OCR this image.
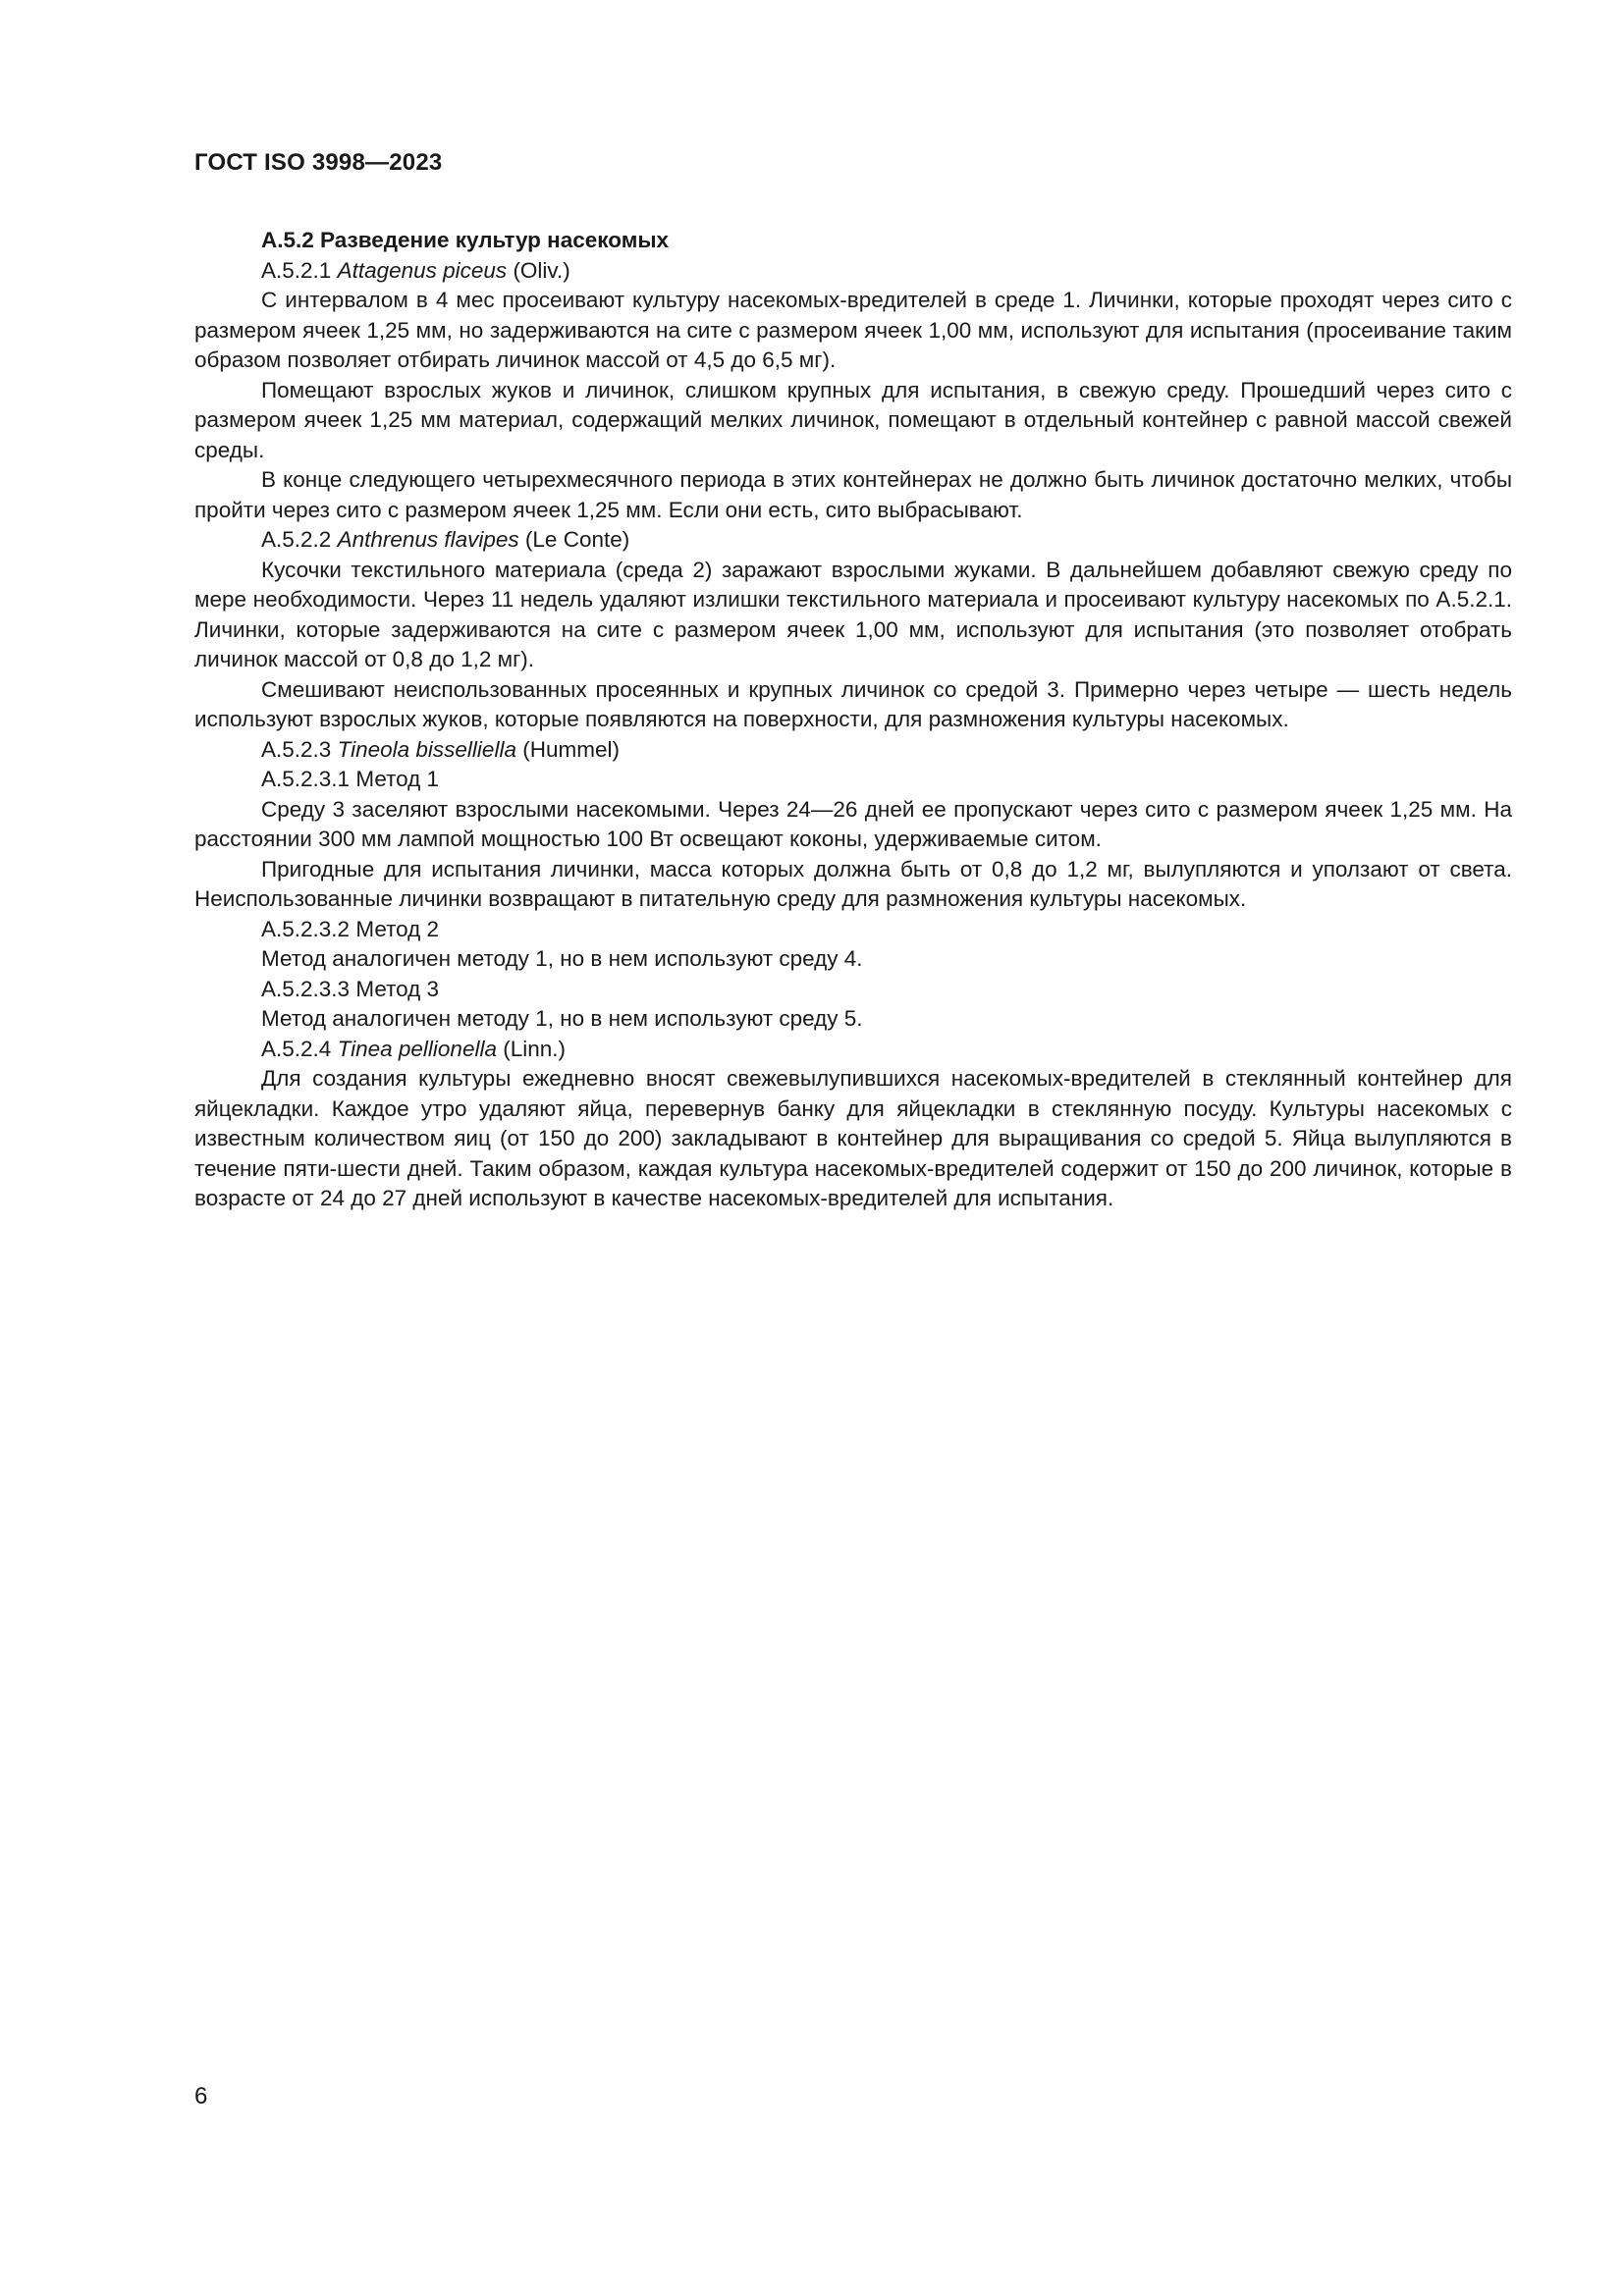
ГОСТ ISO 3998—2023

А.5.2 Разведение культур насекомых

А.5.2.1 Attagenus piceus (Oliv.)

С интервалом в 4 мес просеивают культуру насекомых-вредителей в среде 1. Личинки, которые проходят через сито с размером ячеек 1,25 мм, но задерживаются на сите с размером ячеек 1,00 мм, используют для испытания (просеивание таким образом позволяет отбирать личинок массой от 4,5 до 6,5 мг).

Помещают взрослых жуков и личинок, слишком крупных для испытания, в свежую среду. Прошедший через сито с размером ячеек 1,25 мм материал, содержащий мелких личинок, помещают в отдельный контейнер с равной массой свежей среды.

В конце следующего четырехмесячного периода в этих контейнерах не должно быть личинок достаточно мелких, чтобы пройти через сито с размером ячеек 1,25 мм. Если они есть, сито выбрасывают.

А.5.2.2 Anthrenus flavipes (Le Conte)

Кусочки текстильного материала (среда 2) заражают взрослыми жуками. В дальнейшем добавляют свежую среду по мере необходимости. Через 11 недель удаляют излишки текстильного материала и просеивают культуру насекомых по А.5.2.1. Личинки, которые задерживаются на сите с размером ячеек 1,00 мм, используют для испытания (это позволяет отобрать личинок массой от 0,8 до 1,2 мг).

Смешивают неиспользованных просеянных и крупных личинок со средой 3. Примерно через четыре — шесть недель используют взрослых жуков, которые появляются на поверхности, для размножения культуры насекомых.

А.5.2.3 Tineola bisselliella (Hummel)

А.5.2.3.1 Метод 1

Среду 3 заселяют взрослыми насекомыми. Через 24—26 дней ее пропускают через сито с размером ячеек 1,25 мм. На расстоянии 300 мм лампой мощностью 100 Вт освещают коконы, удерживаемые ситом.

Пригодные для испытания личинки, масса которых должна быть от 0,8 до 1,2 мг, вылупляются и уползают от света. Неиспользованные личинки возвращают в питательную среду для размножения культуры насекомых.

А.5.2.3.2 Метод 2

Метод аналогичен методу 1, но в нем используют среду 4.

А.5.2.3.3 Метод 3

Метод аналогичен методу 1, но в нем используют среду 5.

А.5.2.4 Tinea pellionella (Linn.)

Для создания культуры ежедневно вносят свежевылупившихся насекомых-вредителей в стеклянный контейнер для яйцекладки. Каждое утро удаляют яйца, перевернув банку для яйцекладки в стеклянную посуду. Культуры насекомых с известным количеством яиц (от 150 до 200) закладывают в контейнер для выращивания со средой 5. Яйца вылупляются в течение пяти-шести дней. Таким образом, каждая культура насекомых-вредителей содержит от 150 до 200 личинок, которые в возрасте от 24 до 27 дней используют в качестве насекомых-вредителей для испытания.

6
